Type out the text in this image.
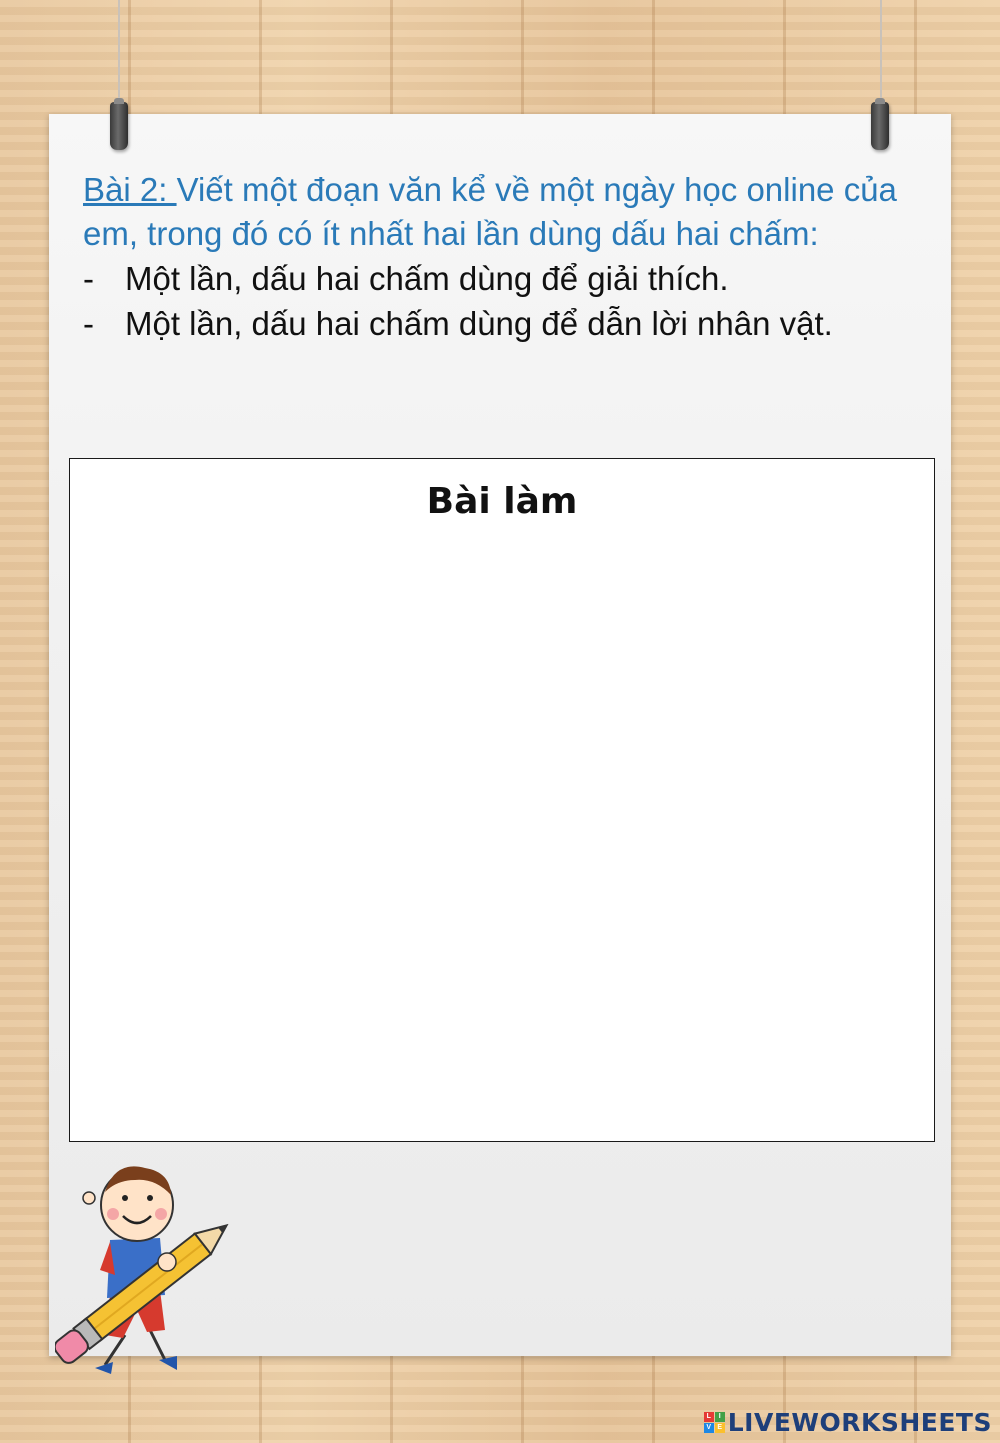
Bài 2: Viết một đoạn văn kể về một ngày học online của em, trong đó có ít nhất hai lần dùng dấu hai chấm:

- Một lần, dấu hai chấm dùng để giải thích.
- Một lần, dấu hai chấm dùng để dẫn lời nhân vật.
Bài làm
L	I
V E LIVEWORKSHEETS
